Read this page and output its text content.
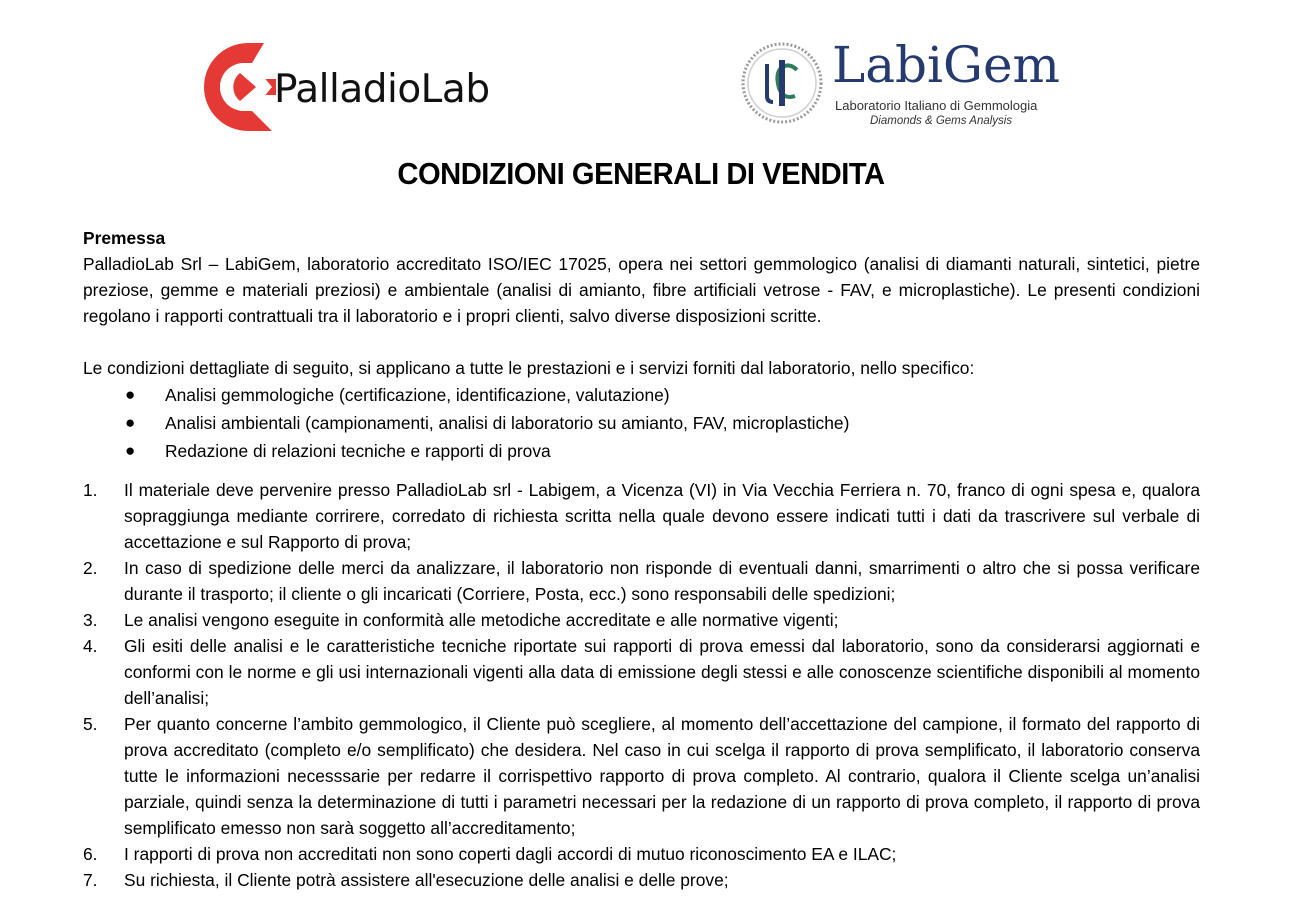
PalladioLab	LabiGem
Laboratorio Italiano di Gemmologia
Diamonds & Gems Analysis
CONDIZIONI GENERALI DI VENDITA
Premessa

PalladioLab Srl – LabiGem, laboratorio accreditato ISO/IEC 17025, opera nei settori gemmologico (analisi di diamanti naturali, sintetici, pietre preziose, gemme e materiali preziosi) e ambientale (analisi di amianto, fibre artificiali vetrose - FAV, e microplastiche). Le presenti condizioni regolano i rapporti contrattuali tra il laboratorio e i propri clienti, salvo diverse disposizioni scritte.

Le condizioni dettagliate di seguito, si applicano a tutte le prestazioni e i servizi forniti dal laboratorio, nello specifico:

● Analisi gemmologiche (certificazione, identificazione, valutazione)
● Analisi ambientali (campionamenti, analisi di laboratorio su amianto, FAV, microplastiche)
● Redazione di relazioni tecniche e rapporti di prova
1. Il materiale deve pervenire presso PalladioLab srl - Labigem, a Vicenza (VI) in Via Vecchia Ferriera n. 70, franco di ogni spesa e, qualora sopraggiunga mediante corrirere, corredato di richiesta scritta nella quale devono essere indicati tutti i dati da trascrivere sul verbale di accettazione e sul Rapporto di prova;
2. In caso di spedizione delle merci da analizzare, il laboratorio non risponde di eventuali danni, smarrimenti o altro che si possa verificare durante il trasporto; il cliente o gli incaricati (Corriere, Posta, ecc.) sono responsabili delle spedizioni;
3. Le analisi vengono eseguite in conformità alle metodiche accreditate e alle normative vigenti;
4. Gli esiti delle analisi e le caratteristiche tecniche riportate sui rapporti di prova emessi dal laboratorio, sono da considerarsi aggiornati e conformi con le norme e gli usi internazionali vigenti alla data di emissione degli stessi e alle conoscenze scientifiche disponibili al momento dell’analisi;
5. Per quanto concerne l’ambito gemmologico, il Cliente può scegliere, al momento dell’accettazione del campione, il formato del rapporto di prova accreditato (completo e/o semplificato) che desidera. Nel caso in cui scelga il rapporto di prova semplificato, il laboratorio conserva tutte le informazioni necesssarie per redarre il corrispettivo rapporto di prova completo. Al contrario, qualora il Cliente scelga un’analisi parziale, quindi senza la determinazione di tutti i parametri necessari per la redazione di un rapporto di prova completo, il rapporto di prova semplificato emesso non sarà soggetto all’accreditamento;
6. I rapporti di prova non accreditati non sono coperti dagli accordi di mutuo riconoscimento EA e ILAC;
7. Su richiesta, il Cliente potrà assistere all'esecuzione delle analisi e delle prove;
